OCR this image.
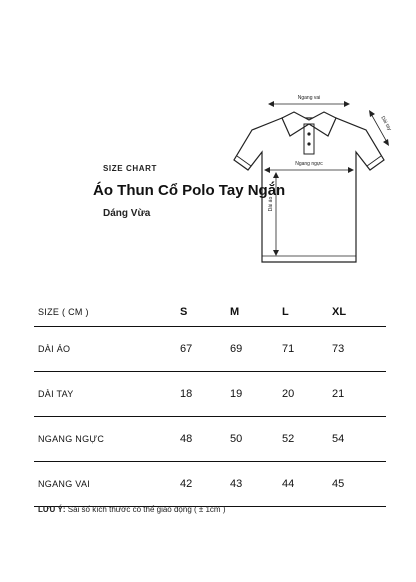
SIZE CHART
Áo Thun Cổ Polo Tay Ngắn
Dáng Vừa
Ngang vai
Ngang ngực
Dài áo
Dài tay
SIZE ( CM )	S	M	L	XL
DÀI ÁO	67	69	71	73
DÀI TAY	18	19	20	21
NGANG NGỰC	48	50	52	54
NGANG VAI	42	43	44	45
LƯU Ý: Sai số kích thước có thể giao động ( ± 1cm )
